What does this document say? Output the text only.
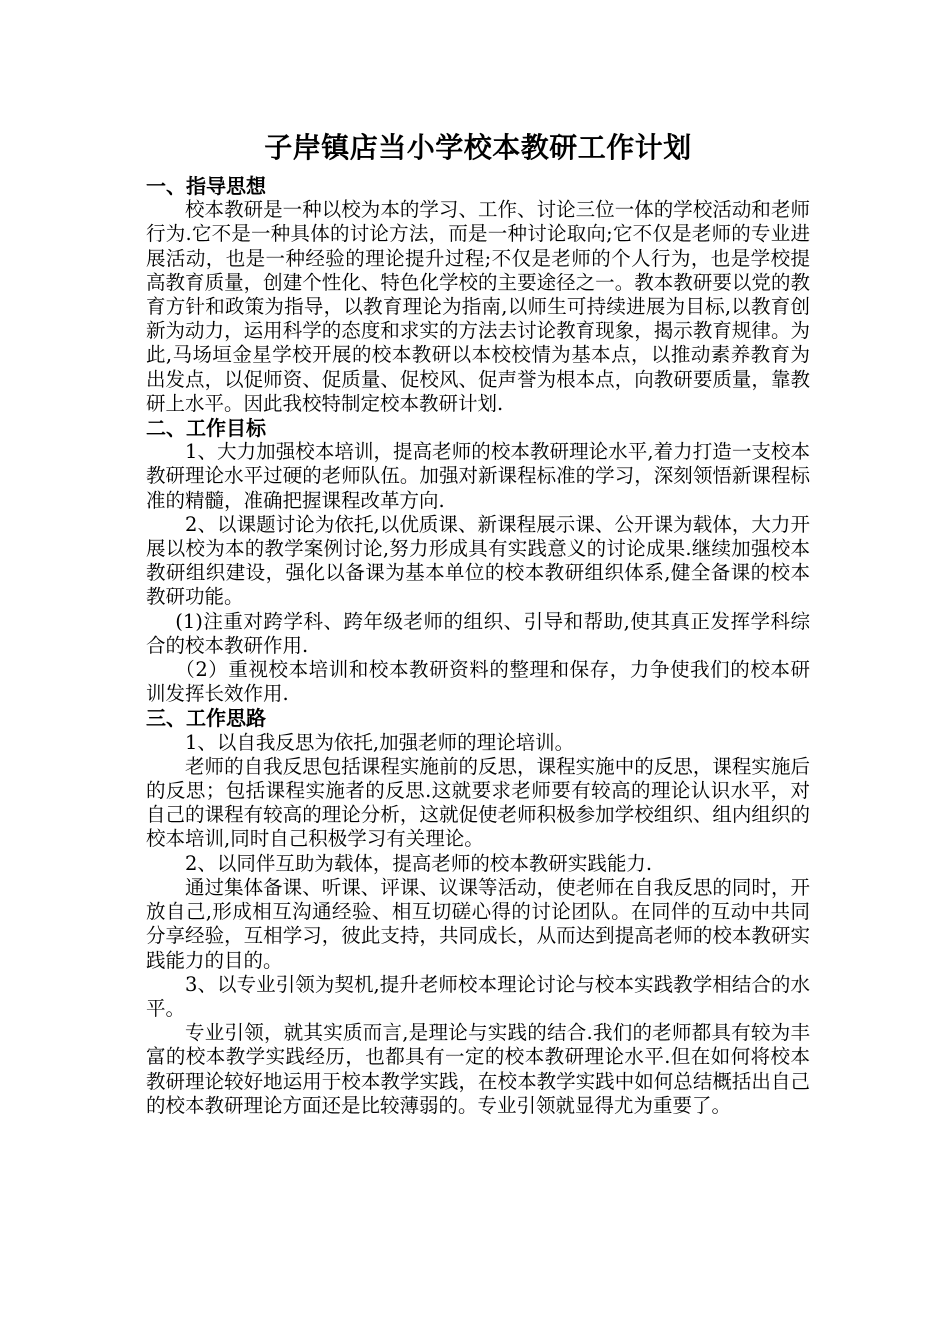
子岸镇店当小学校本教研工作计划
一、指导思想

校本教研是一种以校为本的学习、工作、讨论三位一体的学校活动和老师行为.它不是一种具体的讨论方法，而是一种讨论取向;它不仅是老师的专业进展活动，也是一种经验的理论提升过程;不仅是老师的个人行为，也是学校提高教育质量，创建个性化、特色化学校的主要途径之一。教本教研要以党的教育方针和政策为指导，以教育理论为指南,以师生可持续进展为目标,以教育创新为动力，运用科学的态度和求实的方法去讨论教育现象，揭示教育规律。为此,马场垣金星学校开展的校本教研以本校校情为基本点，以推动素养教育为出发点，以促师资、促质量、促校风、促声誉为根本点，向教研要质量，靠教研上水平。因此我校特制定校本教研计划.

二、工作目标

1、大力加强校本培训，提高老师的校本教研理论水平,着力打造一支校本教研理论水平过硬的老师队伍。加强对新课程标准的学习，深刻领悟新课程标准的精髓，准确把握课程改革方向.

2、以课题讨论为依托,以优质课、新课程展示课、公开课为载体，大力开展以校为本的教学案例讨论,努力形成具有实践意义的讨论成果.继续加强校本教研组织建设，强化以备课为基本单位的校本教研组织体系,健全备课的校本教研功能。

(1)注重对跨学科、跨年级老师的组织、引导和帮助,使其真正发挥学科综合的校本教研作用.

（2）重视校本培训和校本教研资料的整理和保存，力争使我们的校本研训发挥长效作用.

三、工作思路

1、以自我反思为依托,加强老师的理论培训。

老师的自我反思包括课程实施前的反思，课程实施中的反思，课程实施后的反思；包括课程实施者的反思.这就要求老师要有较高的理论认识水平，对自己的课程有较高的理论分析，这就促使老师积极参加学校组织、组内组织的校本培训,同时自己积极学习有关理论。

2、以同伴互助为载体，提高老师的校本教研实践能力.

通过集体备课、听课、评课、议课等活动，使老师在自我反思的同时，开放自己,形成相互沟通经验、相互切磋心得的讨论团队。在同伴的互动中共同分享经验，互相学习，彼此支持，共同成长，从而达到提高老师的校本教研实践能力的目的。

3、以专业引领为契机,提升老师校本理论讨论与校本实践教学相结合的水平。

专业引领，就其实质而言,是理论与实践的结合.我们的老师都具有较为丰富的校本教学实践经历，也都具有一定的校本教研理论水平.但在如何将校本教研理论较好地运用于校本教学实践，在校本教学实践中如何总结概括出自己的校本教研理论方面还是比较薄弱的。专业引领就显得尤为重要了。
